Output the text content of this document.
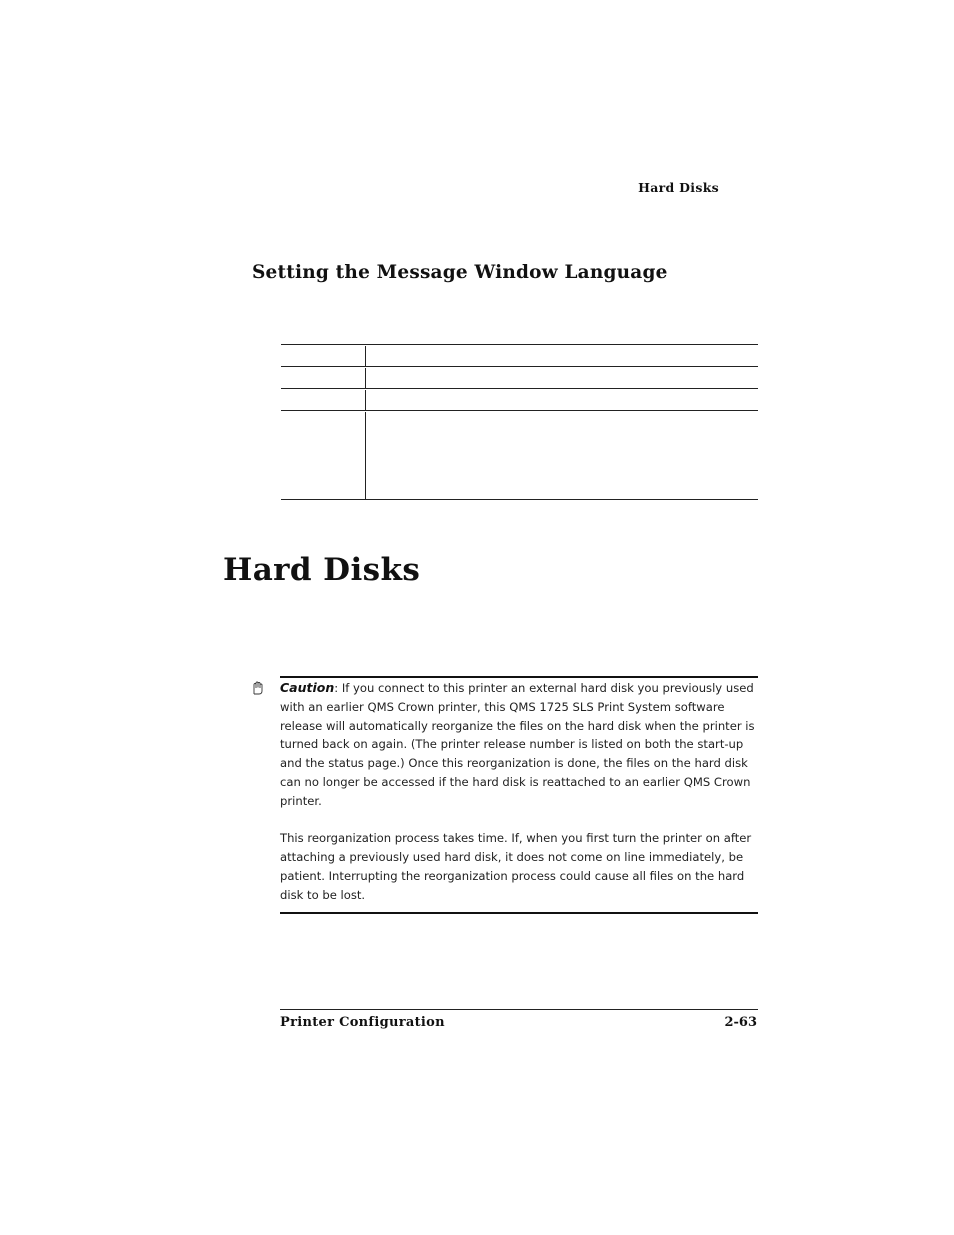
Hard Disks
Setting the Message Window Language
Hard Disks

Caution: If you connect to this printer an external hard disk you previously used with an earlier QMS Crown printer, this QMS 1725 SLS Print System software release will automatically reorganize the files on the hard disk when the printer is turned back on again. (The printer release number is listed on both the start-up and the status page.) Once this reorganization is done, the files on the hard disk can no longer be accessed if the hard disk is reattached to an earlier QMS Crown printer.

This reorganization process takes time. If, when you first turn the printer on after attaching a previously used hard disk, it does not come on line immediately, be patient. Interrupting the reorganization process could cause all files on the hard disk to be lost.

Printer Configuration	2-63
